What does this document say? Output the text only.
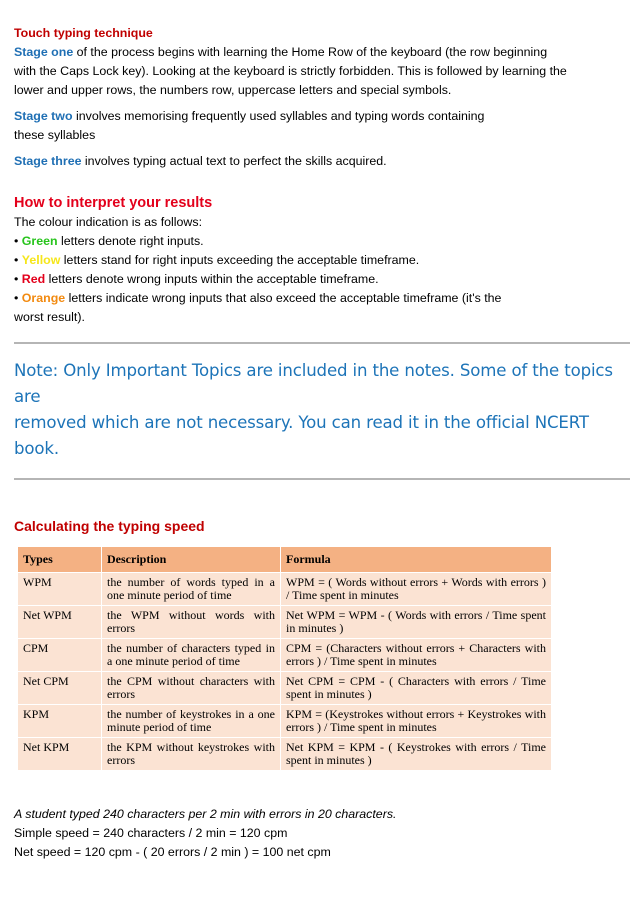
Touch typing technique

Stage one of the process begins with learning the Home Row of the keyboard (the row beginning
with the Caps Lock key). Looking at the keyboard is strictly forbidden. This is followed by learning the
lower and upper rows, the numbers row, uppercase letters and special symbols.

Stage two involves memorising frequently used syllables and typing words containing
these syllables

Stage three involves typing actual text to perfect the skills acquired.

How to interpret your results

The colour indication is as follows:

• Green letters denote right inputs.

• Yellow letters stand for right inputs exceeding the acceptable timeframe.

• Red letters denote wrong inputs within the acceptable timeframe.

• Orange letters indicate wrong inputs that also exceed the acceptable timeframe (it's the

worst result).

Note: Only Important Topics are included in the notes. Some of the topics are

removed which are not necessary. You can read it in the official NCERT book.

Calculating the typing speed

Types	Description	Formula
WPM	the number of words typed in a one minute period of time	WPM = ( Words without errors + Words with errors ) / Time spent in minutes
Net WPM	the WPM without words with errors	Net WPM = WPM - ( Words with errors / Time spent in minutes )
CPM	the number of characters typed in a one minute period of time	CPM = (Characters without errors + Characters with errors ) / Time spent in minutes
Net CPM	the CPM without characters with errors	Net CPM = CPM - ( Characters with errors / Time spent in minutes )
KPM	the number of keystrokes in a one minute period of time	KPM = (Keystrokes without errors + Keystrokes with errors ) / Time spent in minutes
Net KPM	the KPM without keystrokes with errors	Net KPM = KPM - ( Keystrokes with errors / Time spent in minutes )

A student typed 240 characters per 2 min with errors in 20 characters.

Simple speed = 240 characters / 2 min = 120 cpm

Net speed = 120 cpm - ( 20 errors / 2 min ) = 100 net cpm
